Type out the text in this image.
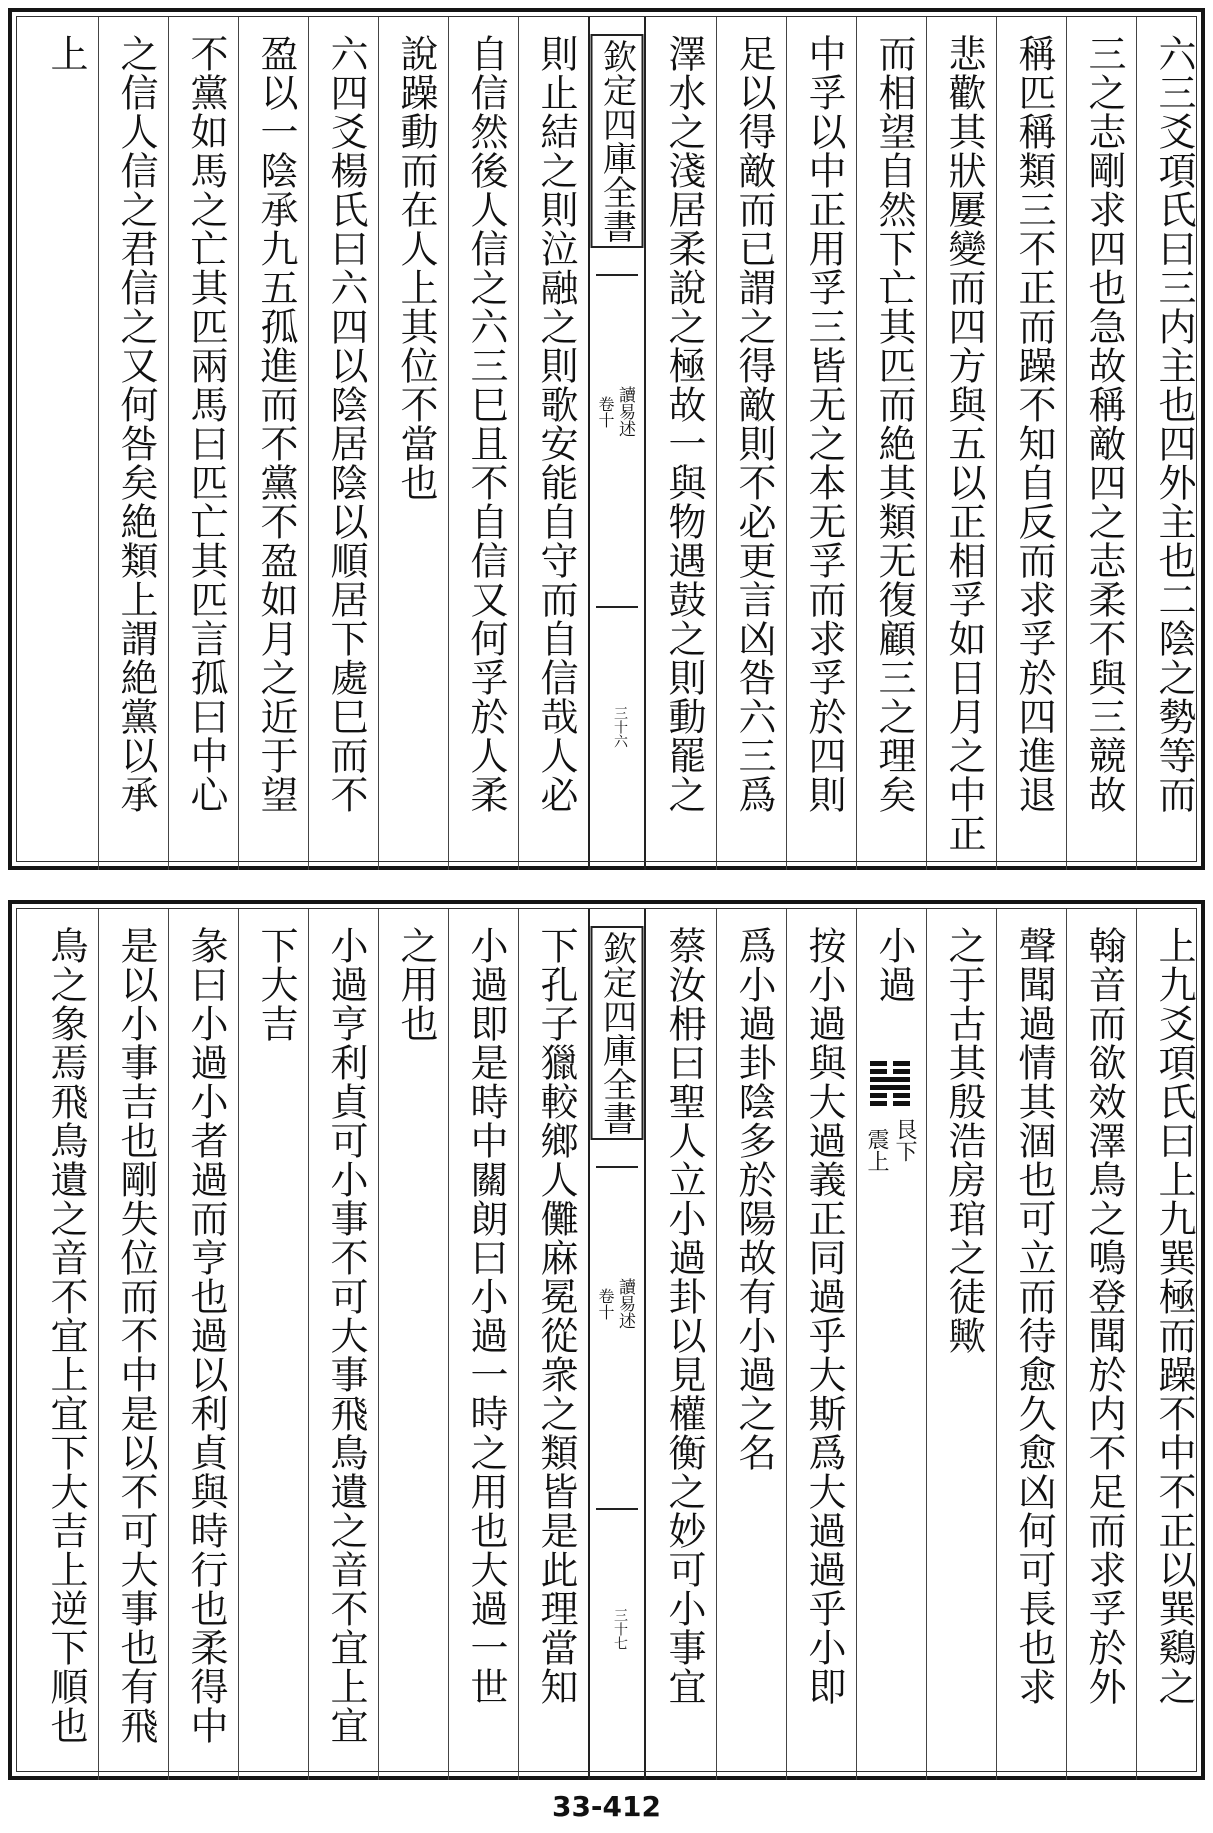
六三爻項氏曰三内主也四外主也二陰之勢等而
三之志剛求四也急故稱敵四之志柔不與三競故
稱匹稱類三不正而躁不知自反而求孚於四進退
悲歡其狀屢變而四方與五以正相孚如日月之中正
而相望自然下亡其匹而絶其類无復顧三之理矣
中孚以中正用孚三皆无之本无孚而求孚於四則
足以得敵而已謂之得敵則不必更言凶咎六三爲
澤水之淺居柔說之極故一與物遇鼓之則動罷之
欽定四庫全書
讀易述
卷十
三十六
則止結之則泣融之則歌安能自守而自信哉人必
自信然後人信之六三巳且不自信又何孚於人柔
說躁動而在人上其位不當也
六四爻楊氏曰六四以陰居陰以順居下處巳而不
盈以一陰承九五孤進而不黨不盈如月之近于望
不黨如馬之亡其匹兩馬曰匹亡其匹言孤曰中心
之信人信之君信之又何咎矣絶類上謂絶黨以承
上
上九爻項氏曰上九巽極而躁不中不正以巽鷄之
翰音而欲效澤鳥之鳴登聞於内不足而求孚於外
聲聞過情其涸也可立而待愈久愈凶何可長也求
之于古其殷浩房琯之徒歟
小過
艮下
震上
按小過與大過義正同過乎大斯爲大過過乎小即
爲小過卦陰多於陽故有小過之名
蔡汝枏曰聖人立小過卦以見權衡之妙可小事宜
欽定四庫全書
讀易述
卷十
三十七
下孔子獵較鄉人儺麻冕從衆之類皆是此理當知
小過即是時中關朗曰小過一時之用也大過一世
之用也
小過亨利貞可小事不可大事飛鳥遺之音不宜上宜
下大吉
彖曰小過小者過而亨也過以利貞與時行也柔得中
是以小事吉也剛失位而不中是以不可大事也有飛
鳥之象焉飛鳥遺之音不宜上宜下大吉上逆下順也
33-412
